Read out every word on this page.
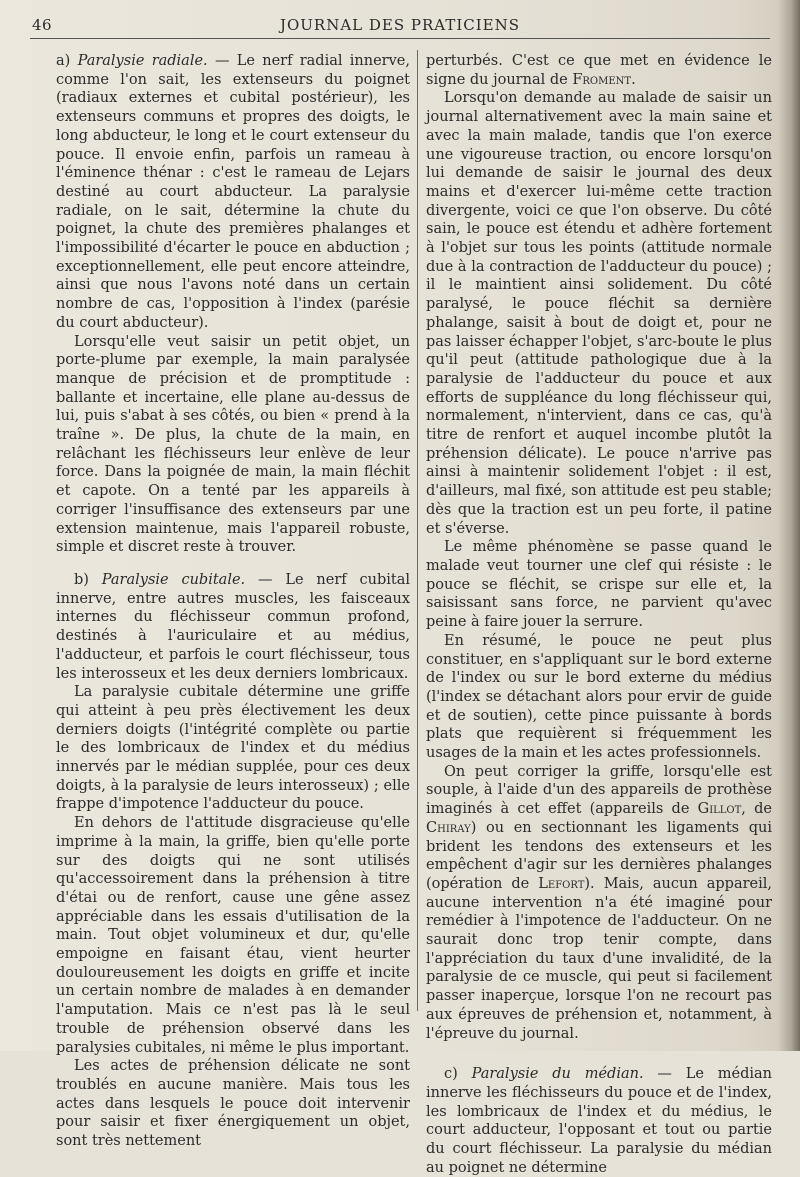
46	JOURNAL DES PRATICIENS

a) Paralysie radiale. — Le nerf radial innerve, comme l'on sait, les extenseurs du poignet (radiaux externes et cubital postérieur), les extenseurs communs et propres des doigts, le long abducteur, le long et le court extenseur du pouce. Il envoie enfin, parfois un rameau à l'éminence thénar : c'est le rameau de Lejars destiné au court abducteur. La paralysie radiale, on le sait, détermine la chute du poignet, la chute des premières phalanges et l'impossibilité d'écarter le pouce en abduction ; exceptionnellement, elle peut encore atteindre, ainsi que nous l'avons noté dans un certain nombre de cas, l'opposition à l'index (parésie du court abducteur).

Lorsqu'elle veut saisir un petit objet, un porte-plume par exemple, la main paralysée manque de précision et de promptitude : ballante et incertaine, elle plane au-dessus de lui, puis s'abat à ses côtés, ou bien « prend à la traîne ». De plus, la chute de la main, en relâchant les fléchisseurs leur enlève de leur force. Dans la poignée de main, la main fléchit et capote. On a tenté par les appareils à corriger l'insuffisance des extenseurs par une extension maintenue, mais l'appareil robuste, simple et discret reste à trouver.

b) Paralysie cubitale. — Le nerf cubital innerve, entre autres muscles, les faisceaux internes du fléchisseur commun profond, destinés à l'auriculaire et au médius, l'adducteur, et parfois le court fléchisseur, tous les interosseux et les deux derniers lombricaux.

La paralysie cubitale détermine une griffe qui atteint à peu près électivement les deux derniers doigts (l'intégrité complète ou partie le des lombricaux de l'index et du médius innervés par le médian supplée, pour ces deux doigts, à la paralysie de leurs interosseux) ; elle frappe d'impotence l'adducteur du pouce.

En dehors de l'attitude disgracieuse qu'elle imprime à la main, la griffe, bien qu'elle porte sur des doigts qui ne sont utilisés qu'accessoirement dans la préhension à titre d'étai ou de renfort, cause une gêne assez appréciable dans les essais d'utilisation de la main. Tout objet volumineux et dur, qu'elle empoigne en faisant étau, vient heurter douloureusement les doigts en griffe et incite un certain nombre de malades à en demander l'amputation. Mais ce n'est pas là le seul trouble de préhension observé dans les paralysies cubitales, ni même le plus important.

Les actes de préhension délicate ne sont troublés en aucune manière. Mais tous les actes dans lesquels le pouce doit intervenir pour saisir et fixer énergiquement un objet, sont très nettement

perturbés. C'est ce que met en évidence le signe du journal de Froment.

Lorsqu'on demande au malade de saisir un journal alternativement avec la main saine et avec la main malade, tandis que l'on exerce une vigoureuse traction, ou encore lorsqu'on lui demande de saisir le journal des deux mains et d'exercer lui-même cette traction divergente, voici ce que l'on observe. Du côté sain, le pouce est étendu et adhère fortement à l'objet sur tous les points (attitude normale due à la contraction de l'adducteur du pouce) ; il le maintient ainsi solidement. Du côté paralysé, le pouce fléchit sa dernière phalange, saisit à bout de doigt et, pour ne pas laisser échapper l'objet, s'arc-boute le plus qu'il peut (attitude pathologique due à la paralysie de l'adducteur du pouce et aux efforts de suppléance du long fléchisseur qui, normalement, n'intervient, dans ce cas, qu'à titre de renfort et auquel incombe plutôt la préhension délicate). Le pouce n'arrive pas ainsi à maintenir solidement l'objet : il est, d'ailleurs, mal fixé, son attitude est peu stable; dès que la traction est un peu forte, il patine et s'éverse.

Le même phénomène se passe quand le malade veut tourner une clef qui résiste : le pouce se fléchit, se crispe sur elle et, la saisissant sans force, ne parvient qu'avec peine à faire jouer la serrure.

En résumé, le pouce ne peut plus constituer, en s'appliquant sur le bord externe de l'index ou sur le bord externe du médius (l'index se détachant alors pour ervir de guide et de soutien), cette pince puissante à bords plats que requièrent si fréquemment les usages de la main et les actes professionnels.

On peut corriger la griffe, lorsqu'elle est souple, à l'aide d'un des appareils de prothèse imaginés à cet effet (appareils de Gillot, de Chiray) ou en sectionnant les ligaments qui brident les tendons des extenseurs et les empêchent d'agir sur les dernières phalanges (opération de Lefort). Mais, aucun appareil, aucune intervention n'a été imaginé pour remédier à l'impotence de l'adducteur. On ne saurait donc trop tenir compte, dans l'appréciation du taux d'une invalidité, de la paralysie de ce muscle, qui peut si facilement passer inaperçue, lorsque l'on ne recourt pas aux épreuves de préhension et, notamment, à l'épreuve du journal.

c) Paralysie du médian. — Le médian innerve les fléchisseurs du pouce et de l'index, les lombricaux de l'index et du médius, le court adducteur, l'opposant et tout ou partie du court fléchisseur. La paralysie du médian au poignet ne détermine
